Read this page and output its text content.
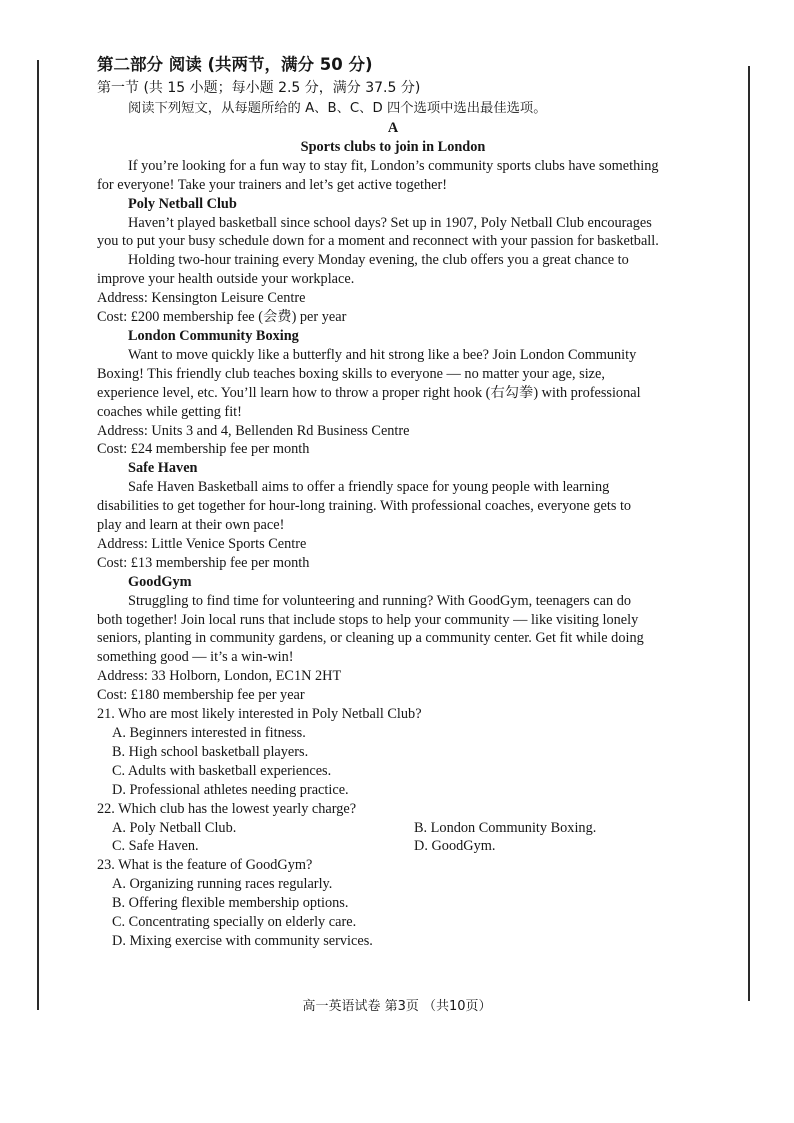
第二部分 阅读 (共两节，满分 50 分)

第一节 (共 15 小题；每小题 2.5 分，满分 37.5 分)

阅读下列短文，从每题所给的 A、B、C、D 四个选项中选出最佳选项。

A

Sports clubs to join in London

If you’re looking for a fun way to stay fit, London’s community sports clubs have something

for everyone! Take your trainers and let’s get active together!

Poly Netball Club

Haven’t played basketball since school days? Set up in 1907, Poly Netball Club encourages

you to put your busy schedule down for a moment and reconnect with your passion for basketball.

Holding two-hour training every Monday evening, the club offers you a great chance to

improve your health outside your workplace.

Address: Kensington Leisure Centre

Cost: £200 membership fee (会费) per year

London Community Boxing

Want to move quickly like a butterfly and hit strong like a bee? Join London Community

Boxing! This friendly club teaches boxing skills to everyone — no matter your age, size,

experience level, etc. You’ll learn how to throw a proper right hook (右勾拳) with professional

coaches while getting fit!

Address: Units 3 and 4, Bellenden Rd Business Centre

Cost: £24 membership fee per month

Safe Haven

Safe Haven Basketball aims to offer a friendly space for young people with learning

disabilities to get together for hour-long training. With professional coaches, everyone gets to

play and learn at their own pace!

Address: Little Venice Sports Centre

Cost: £13 membership fee per month

GoodGym

Struggling to find time for volunteering and running? With GoodGym, teenagers can do

both together! Join local runs that include stops to help your community — like visiting lonely

seniors, planting in community gardens, or cleaning up a community center. Get fit while doing

something good — it’s a win-win!

Address: 33 Holborn, London, EC1N 2HT

Cost: £180 membership fee per year

21. Who are most likely interested in Poly Netball Club?

A. Beginners interested in fitness.

B. High school basketball players.

C. Adults with basketball experiences.

D. Professional athletes needing practice.

22. Which club has the lowest yearly charge?

A. Poly Netball Club.	B. London Community Boxing.
C. Safe Haven.	D. GoodGym.

23. What is the feature of GoodGym?

A. Organizing running races regularly.

B. Offering flexible membership options.

C. Concentrating specially on elderly care.

D. Mixing exercise with community services.

高一英语试卷 第3页 （共10页）
